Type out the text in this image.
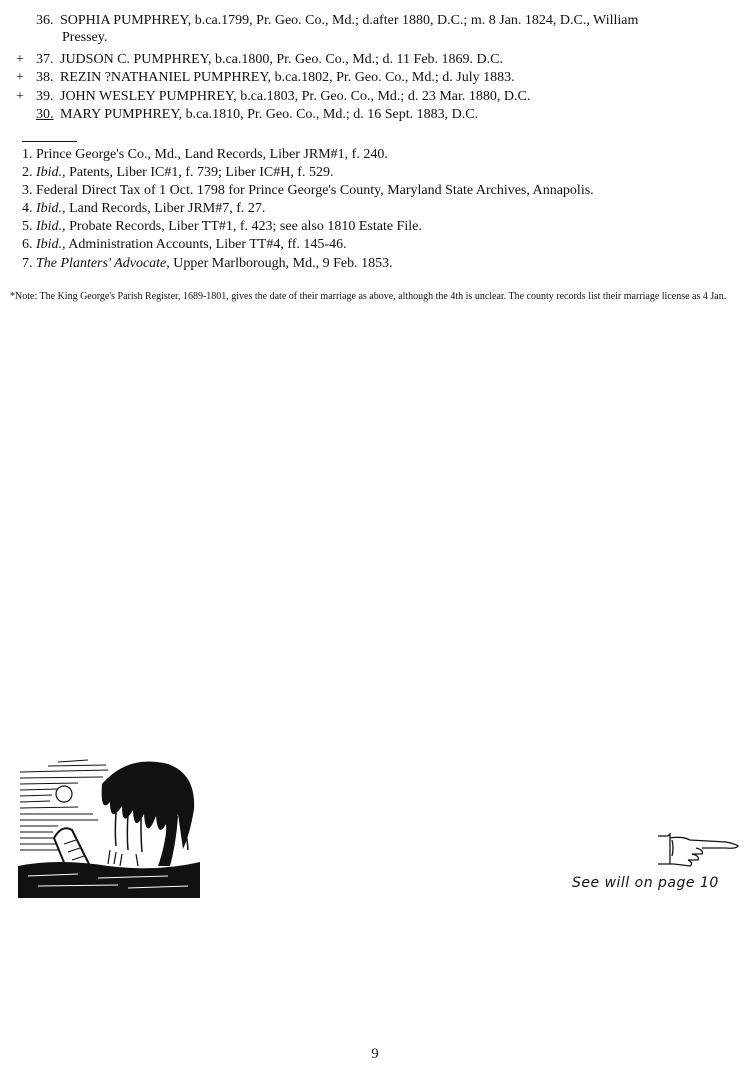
36. SOPHIA PUMPHREY, b.ca.1799, Pr. Geo. Co., Md.; d.after 1880, D.C.; m. 8 Jan. 1824, D.C., William
Pressey.
+ 37. JUDSON C. PUMPHREY, b.ca.1800, Pr. Geo. Co., Md.; d. 11 Feb. 1869. D.C.
+ 38. REZIN ?NATHANIEL PUMPHREY, b.ca.1802, Pr. Geo. Co., Md.; d. July 1883.
+ 39. JOHN WESLEY PUMPHREY, b.ca.1803, Pr. Geo. Co., Md.; d. 23 Mar. 1880, D.C.
30. MARY PUMPHREY, b.ca.1810, Pr. Geo. Co., Md.; d. 16 Sept. 1883, D.C.
1. Prince George's Co., Md., Land Records, Liber JRM#1, f. 240.
2. Ibid., Patents, Liber IC#1, f. 739; Liber IC#H, f. 529.
3. Federal Direct Tax of 1 Oct. 1798 for Prince George's County, Maryland State Archives, Annapolis.
4. Ibid., Land Records, Liber JRM#7, f. 27.
5. Ibid., Probate Records, Liber TT#1, f. 423; see also 1810 Estate File.
6. Ibid., Administration Accounts, Liber TT#4, ff. 145-46.
7. The Planters' Advocate, Upper Marlborough, Md., 9 Feb. 1853.
*Note: The King George's Parish Register, 1689-1801, gives the date of their marriage as above, although the 4th is unclear. The county records list their marriage license as 4 Jan.
See will on page 10
9
